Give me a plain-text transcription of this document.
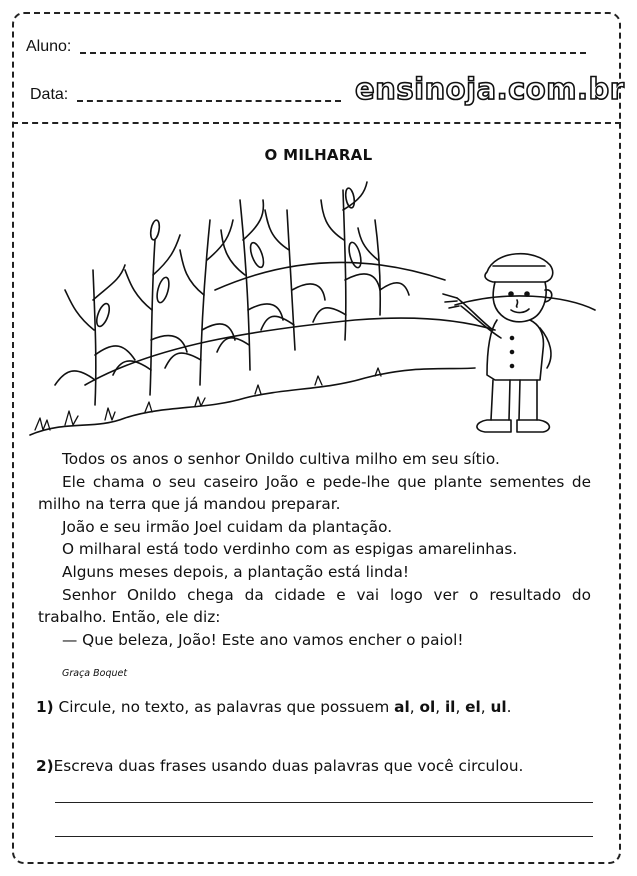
Aluno:
Data:	ensinoja.com.br
O MILHARAL

Todos os anos o senhor Onildo cultiva milho em seu sítio.

Ele chama o seu caseiro João e pede-lhe que plante sementes de milho na terra que já mandou preparar.

João e seu irmão Joel cuidam da plantação.

O milharal está todo verdinho com as espigas amarelinhas.

Alguns meses depois, a plantação está linda!

Senhor Onildo chega da cidade e vai logo ver o resultado do trabalho. Então, ele diz:

— Que beleza, João! Este ano vamos encher o paiol!

Graça Boquet
1) Circule, no texto, as palavras que possuem al, ol, il, el, ul.
2)Escreva duas frases usando duas palavras que você circulou.
